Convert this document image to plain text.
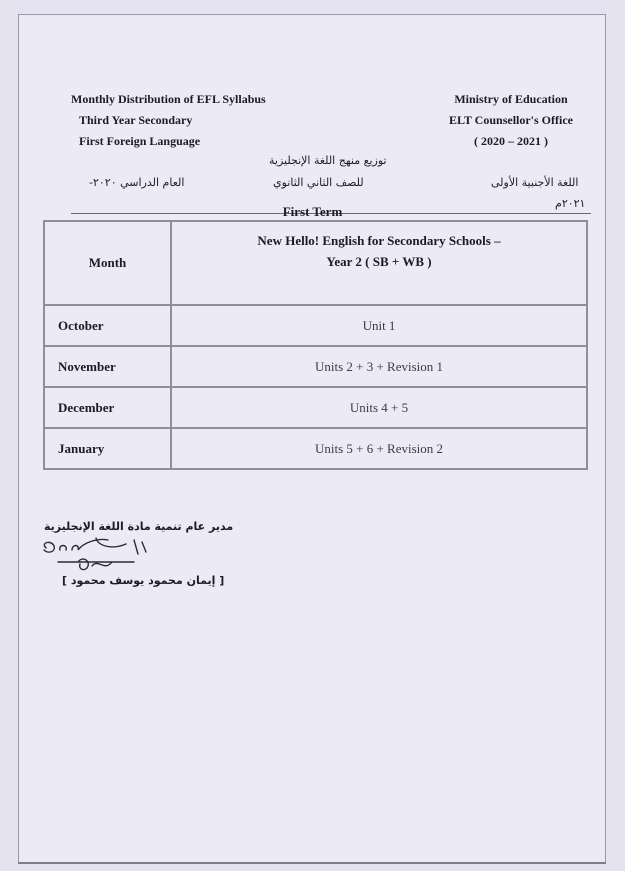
Monthly Distribution of EFL Syllabus
Third Year Secondary
First Foreign Language
Ministry of Education
ELT Counsellor's Office
( 2020 – 2021 )
توزيع منهج اللغة الإنجليزية
للصف الثاني الثانوي
العام الدراسي ٢٠٢٠-	اللغة الأجنبية الأولى
٢٠٢١م
First Term
Month	New Hello! English for Secondary Schools –
Year 2 ( SB + WB )

October	Unit 1
November	Units 2 + 3 + Revision 1
December	Units 4 + 5
January	Units 5 + 6 + Revision 2
مدير عام تنمية مادة اللغة الإنجليزية
[ إيمان محمود يوسف محمود ]
